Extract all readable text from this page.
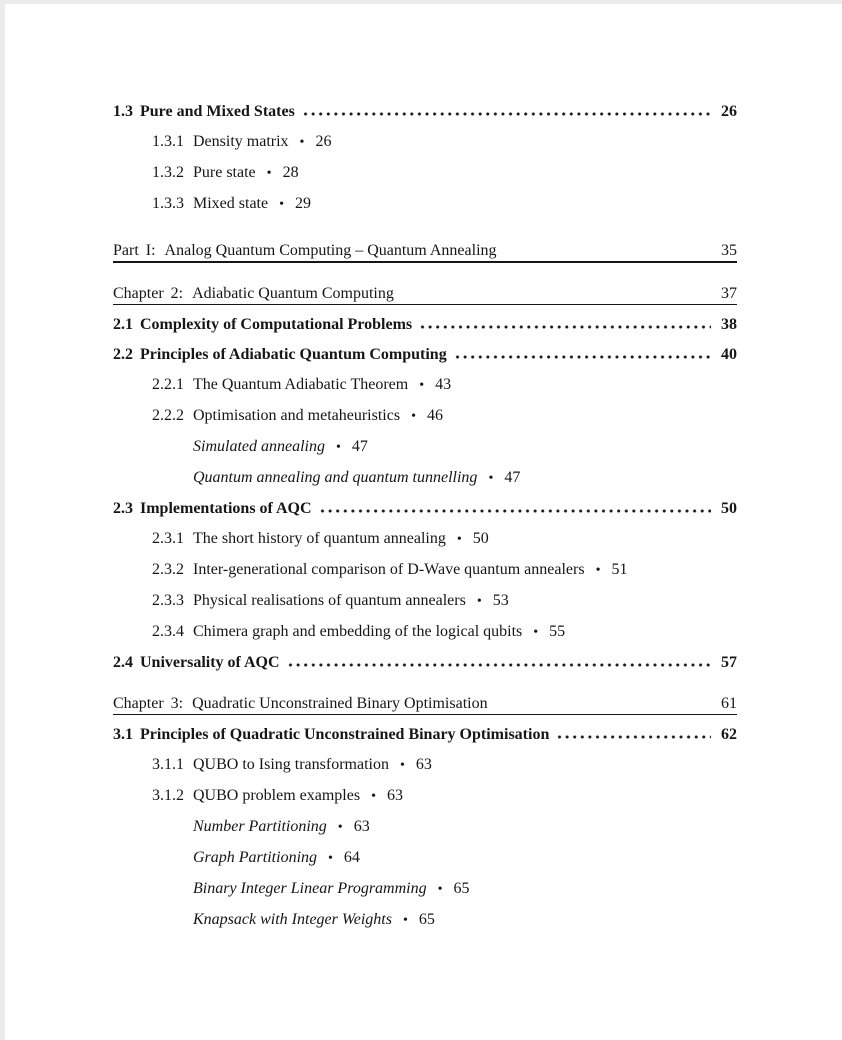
1.3 Pure and Mixed States	26
1.3.1 Density matrix • 26
1.3.2 Pure state • 28
1.3.3 Mixed state • 29
Part I: Analog Quantum Computing – Quantum Annealing	35
Chapter 2: Adiabatic Quantum Computing	37
2.1 Complexity of Computational Problems	38
2.2 Principles of Adiabatic Quantum Computing	40
2.2.1 The Quantum Adiabatic Theorem • 43
2.2.2 Optimisation and metaheuristics • 46
Simulated annealing • 47
Quantum annealing and quantum tunnelling • 47
2.3 Implementations of AQC	50
2.3.1 The short history of quantum annealing • 50
2.3.2 Inter-generational comparison of D-Wave quantum annealers • 51
2.3.3 Physical realisations of quantum annealers • 53
2.3.4 Chimera graph and embedding of the logical qubits • 55
2.4 Universality of AQC	57
Chapter 3: Quadratic Unconstrained Binary Optimisation	61
3.1 Principles of Quadratic Unconstrained Binary Optimisation	62
3.1.1 QUBO to Ising transformation • 63
3.1.2 QUBO problem examples • 63
Number Partitioning • 63
Graph Partitioning • 64
Binary Integer Linear Programming • 65
Knapsack with Integer Weights • 65
